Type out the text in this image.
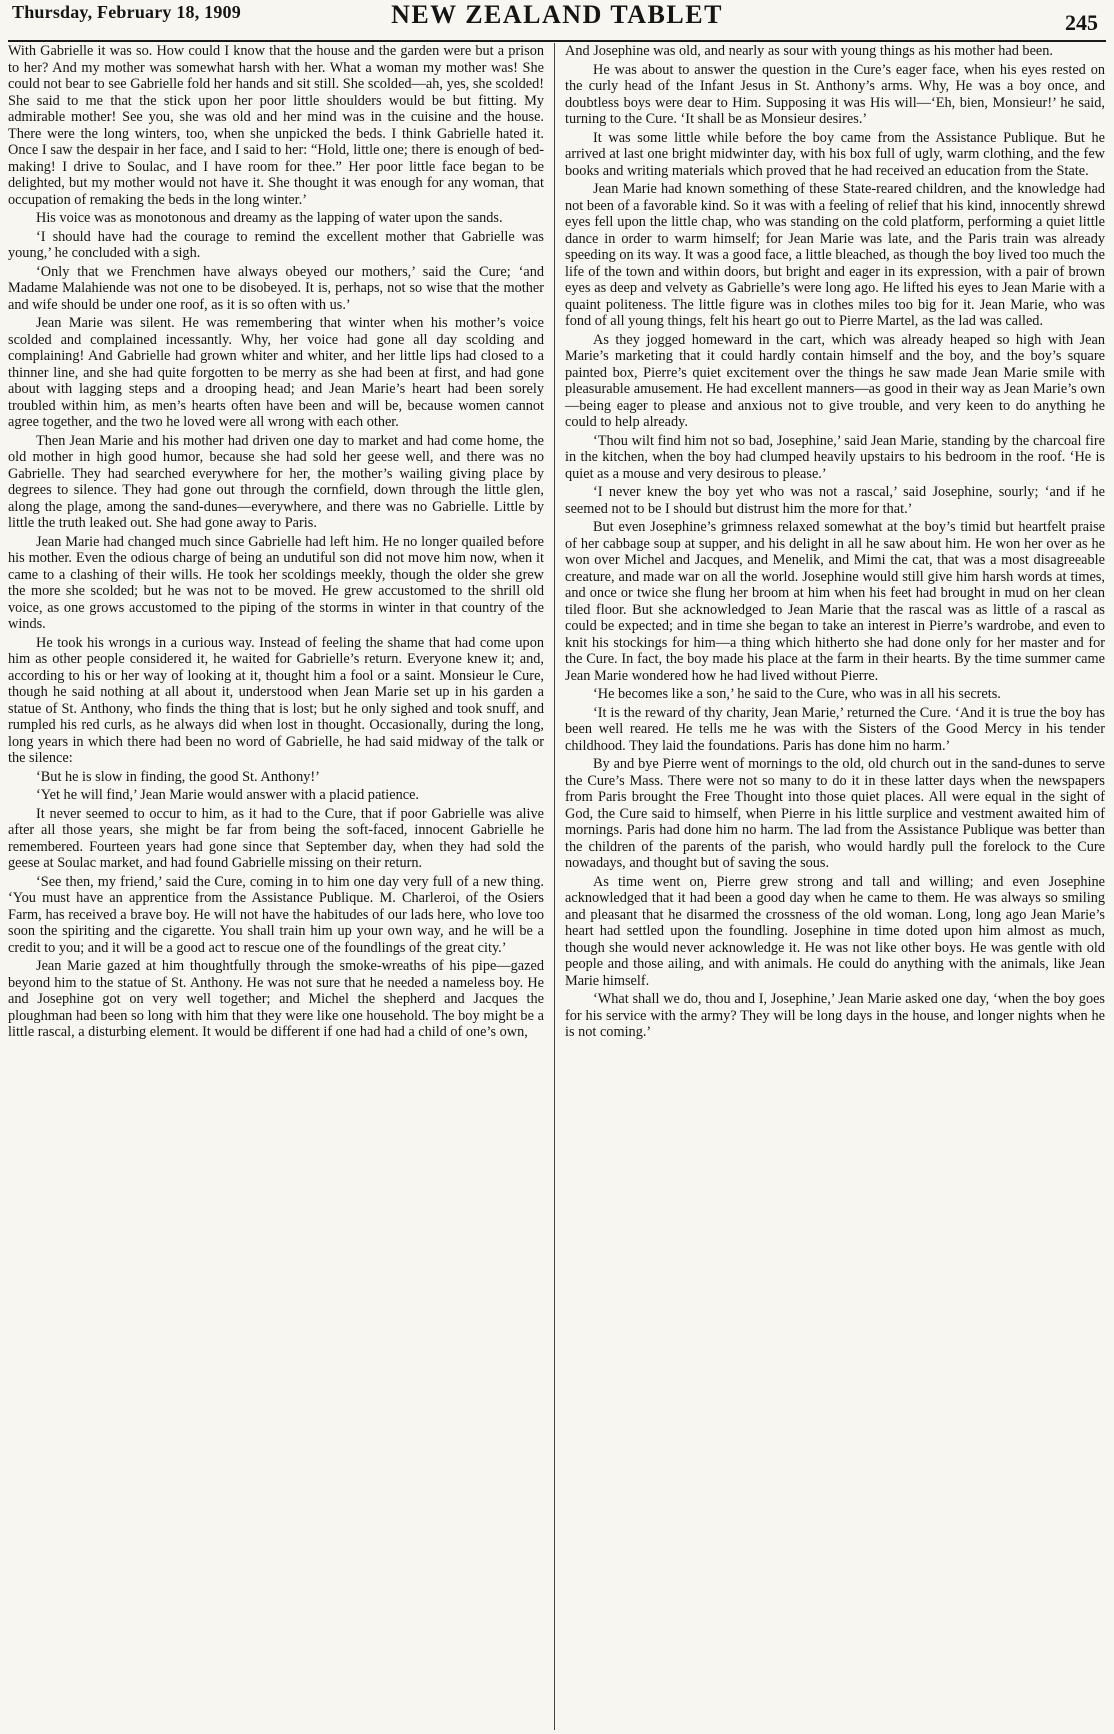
Thursday, February 18, 1909	NEW ZEALAND TABLET	245

With Gabrielle it was so. How could I know that the house and the garden were but a prison to her? And my mother was somewhat harsh with her. What a woman my mother was! She could not bear to see Gabrielle fold her hands and sit still. She scolded—ah, yes, she scolded! She said to me that the stick upon her poor little shoulders would be but fitting. My admirable mother! See you, she was old and her mind was in the cuisine and the house. There were the long winters, too, when she unpicked the beds. I think Gabrielle hated it. Once I saw the despair in her face, and I said to her: “Hold, little one; there is enough of bed-making! I drive to Soulac, and I have room for thee.” Her poor little face began to be delighted, but my mother would not have it. She thought it was enough for any woman, that occupation of remaking the beds in the long winter.’

His voice was as monotonous and dreamy as the lapping of water upon the sands.

‘I should have had the courage to remind the excellent mother that Gabrielle was young,’ he concluded with a sigh.

‘Only that we Frenchmen have always obeyed our mothers,’ said the Cure; ‘and Madame Malahiende was not one to be disobeyed. It is, perhaps, not so wise that the mother and wife should be under one roof, as it is so often with us.’

Jean Marie was silent. He was remembering that winter when his mother’s voice scolded and complained incessantly. Why, her voice had gone all day scolding and complaining! And Gabrielle had grown whiter and whiter, and her little lips had closed to a thinner line, and she had quite forgotten to be merry as she had been at first, and had gone about with lagging steps and a drooping head; and Jean Marie’s heart had been sorely troubled within him, as men’s hearts often have been and will be, because women cannot agree together, and the two he loved were all wrong with each other.

Then Jean Marie and his mother had driven one day to market and had come home, the old mother in high good humor, because she had sold her geese well, and there was no Gabrielle. They had searched everywhere for her, the mother’s wailing giving place by degrees to silence. They had gone out through the cornfield, down through the little glen, along the plage, among the sand-dunes—everywhere, and there was no Gabrielle. Little by little the truth leaked out. She had gone away to Paris.

Jean Marie had changed much since Gabrielle had left him. He no longer quailed before his mother. Even the odious charge of being an undutiful son did not move him now, when it came to a clashing of their wills. He took her scoldings meekly, though the older she grew the more she scolded; but he was not to be moved. He grew accustomed to the shrill old voice, as one grows accustomed to the piping of the storms in winter in that country of the winds.

He took his wrongs in a curious way. Instead of feeling the shame that had come upon him as other people considered it, he waited for Gabrielle’s return. Everyone knew it; and, according to his or her way of looking at it, thought him a fool or a saint. Monsieur le Cure, though he said nothing at all about it, understood when Jean Marie set up in his garden a statue of St. Anthony, who finds the thing that is lost; but he only sighed and took snuff, and rumpled his red curls, as he always did when lost in thought. Occasionally, during the long, long years in which there had been no word of Gabrielle, he had said midway of the talk or the silence:

‘But he is slow in finding, the good St. Anthony!’

‘Yet he will find,’ Jean Marie would answer with a placid patience.

It never seemed to occur to him, as it had to the Cure, that if poor Gabrielle was alive after all those years, she might be far from being the soft-faced, innocent Gabrielle he remembered. Fourteen years had gone since that September day, when they had sold the geese at Soulac market, and had found Gabrielle missing on their return.

‘See then, my friend,’ said the Cure, coming in to him one day very full of a new thing. ‘You must have an apprentice from the Assistance Publique. M. Charleroi, of the Osiers Farm, has received a brave boy. He will not have the habitudes of our lads here, who love too soon the spiriting and the cigarette. You shall train him up your own way, and he will be a credit to you; and it will be a good act to rescue one of the foundlings of the great city.’

Jean Marie gazed at him thoughtfully through the smoke-wreaths of his pipe—gazed beyond him to the statue of St. Anthony. He was not sure that he needed a nameless boy. He and Josephine got on very well together; and Michel the shepherd and Jacques the ploughman had been so long with him that they were like one household. The boy might be a little rascal, a disturbing element. It would be different if one had had a child of one’s own,

And Josephine was old, and nearly as sour with young things as his mother had been.

He was about to answer the question in the Cure’s eager face, when his eyes rested on the curly head of the Infant Jesus in St. Anthony’s arms. Why, He was a boy once, and doubtless boys were dear to Him. Supposing it was His will—‘Eh, bien, Monsieur!’ he said, turning to the Cure. ‘It shall be as Monsieur desires.’

It was some little while before the boy came from the Assistance Publique. But he arrived at last one bright midwinter day, with his box full of ugly, warm clothing, and the few books and writing materials which proved that he had received an education from the State.

Jean Marie had known something of these State-reared children, and the knowledge had not been of a favorable kind. So it was with a feeling of relief that his kind, innocently shrewd eyes fell upon the little chap, who was standing on the cold platform, performing a quiet little dance in order to warm himself; for Jean Marie was late, and the Paris train was already speeding on its way. It was a good face, a little bleached, as though the boy lived too much the life of the town and within doors, but bright and eager in its expression, with a pair of brown eyes as deep and velvety as Gabrielle’s were long ago. He lifted his eyes to Jean Marie with a quaint politeness. The little figure was in clothes miles too big for it. Jean Marie, who was fond of all young things, felt his heart go out to Pierre Martel, as the lad was called.

As they jogged homeward in the cart, which was already heaped so high with Jean Marie’s marketing that it could hardly contain himself and the boy, and the boy’s square painted box, Pierre’s quiet excitement over the things he saw made Jean Marie smile with pleasurable amusement. He had excellent manners—as good in their way as Jean Marie’s own—being eager to please and anxious not to give trouble, and very keen to do anything he could to help already.

‘Thou wilt find him not so bad, Josephine,’ said Jean Marie, standing by the charcoal fire in the kitchen, when the boy had clumped heavily upstairs to his bedroom in the roof. ‘He is quiet as a mouse and very desirous to please.’

‘I never knew the boy yet who was not a rascal,’ said Josephine, sourly; ‘and if he seemed not to be I should but distrust him the more for that.’

But even Josephine’s grimness relaxed somewhat at the boy’s timid but heartfelt praise of her cabbage soup at supper, and his delight in all he saw about him. He won her over as he won over Michel and Jacques, and Menelik, and Mimi the cat, that was a most disagreeable creature, and made war on all the world. Josephine would still give him harsh words at times, and once or twice she flung her broom at him when his feet had brought in mud on her clean tiled floor. But she acknowledged to Jean Marie that the rascal was as little of a rascal as could be expected; and in time she began to take an interest in Pierre’s wardrobe, and even to knit his stockings for him—a thing which hitherto she had done only for her master and for the Cure. In fact, the boy made his place at the farm in their hearts. By the time summer came Jean Marie wondered how he had lived without Pierre.

‘He becomes like a son,’ he said to the Cure, who was in all his secrets.

‘It is the reward of thy charity, Jean Marie,’ returned the Cure. ‘And it is true the boy has been well reared. He tells me he was with the Sisters of the Good Mercy in his tender childhood. They laid the foundations. Paris has done him no harm.’

By and bye Pierre went of mornings to the old, old church out in the sand-dunes to serve the Cure’s Mass. There were not so many to do it in these latter days when the newspapers from Paris brought the Free Thought into those quiet places. All were equal in the sight of God, the Cure said to himself, when Pierre in his little surplice and vestment awaited him of mornings. Paris had done him no harm. The lad from the Assistance Publique was better than the children of the parents of the parish, who would hardly pull the forelock to the Cure nowadays, and thought but of saving the sous.

As time went on, Pierre grew strong and tall and willing; and even Josephine acknowledged that it had been a good day when he came to them. He was always so smiling and pleasant that he disarmed the crossness of the old woman. Long, long ago Jean Marie’s heart had settled upon the foundling. Josephine in time doted upon him almost as much, though she would never acknowledge it. He was not like other boys. He was gentle with old people and those ailing, and with animals. He could do anything with the animals, like Jean Marie himself.

‘What shall we do, thou and I, Josephine,’ Jean Marie asked one day, ‘when the boy goes for his service with the army? They will be long days in the house, and longer nights when he is not coming.’
